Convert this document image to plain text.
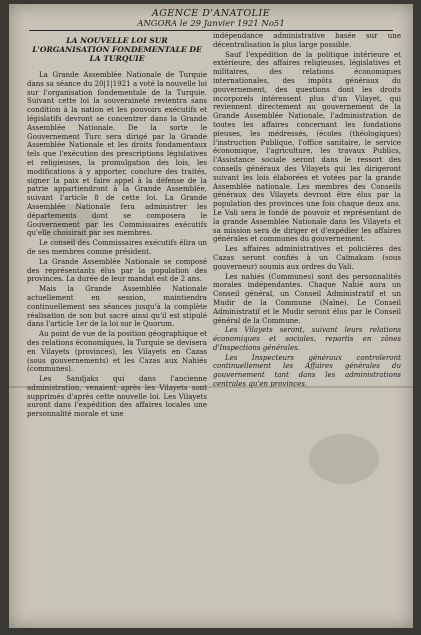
AGENCE D'ANATOLIE
ANGORA le 29 Janvier 1921 No51
LA NOUVELLE LOI SUR L'ORGANISATION FONDEMENTALE DE LA TURQUIE

La Grande Assemblée Nationale de Turquie dans sa séance du 20|1|1921 a voté la nouvelle loi sur l'organisation fondementale de la Turquie. Suivant cette loi la souveraineté revientra sans condition à la nation et les pouvoirs exécutifs et législatifs devront se concentrer dans la Grande Assemblée Nationale. De la sorte le Gouvernement Turc sera dirigé par la Grande Assemblée Nationale et les droits fondamentaux tels que l'exécution des prescriptions législatives et religieuses, la promulgation des lois, les modifications à y apporter, conclure des traités, signer la paix et faire appel à la défense de la patrie appartiendront à la Grande Assemblée, suivant l'article 8 de cette loi. La Grande Assemblée Nationale fera administrer les départements dont se composera le Gouvernement par les Commissaires exécutifs qu'elle choisirait par ses membres.

Le conseil des Commissaires exécutifs élira un de ses membres comme président.

La Grande Assemblée Nationale se composé des représentants élus par la population des provinces. La durée de leur mandat est de 2 ans.

Mais la Grande Assemblée Nationale actuellement en session, maintiendra continuellement ses séances jusqu'à la complète réalisation de son but sacré ainsi qu'il est stipulé dans l'article 1er de la loi sur le Quorum.

Au point de vue de la position géographique et des relations économiques, la Turquie se devisera en Vilayets (provinces), les Vilayets en Cazas (sous gouvernements) et les Cazas aux Nahiés (communes).

Les Sandjaks qui dans l'ancienne administration, venaient après les Vilayets sont supprimés d'après cette nouvelle loi. Les Vilayets auront dans l'expédition des affaires locales une personnalité morale et une

indépendance administrative basée sur une décentralisation la plus large possible.

Sauf l'expédition de la politique intérieure et extérieure, des affaires religieuses, législatives et militaires, des relations économiques internationales, des impôts généraux du gouvernement, des questions dont les droits incorporels intéressent plus d'un Vilayet, qui reviennent directement au gouvernement de la Grande Assemblée Nationale, l'administration de toutes les affaires concernant les fondations pieuses, les médressés, (écoles (théologiques) l'instruction Publique, l'office sanitaire, le service économique, l'agriculture, les travaux Publics, l'Assistance sociale seront dans le ressort des conseils généraux des Vilayets qui les dirigeront suivant les lois élaborées et votées par la grande Assemblée nationale. Les membres des Conseils généraux des Vilayets devront être élus par la population des provinces une fois chaque deux ans. Le Vali sera le fondé de pouvoir et représentant de la grande Assemblée Nationale dans les Vilayets et sa mission sera de diriger et d'expédier les affaires générales et communes du gouvernement.

Les affaires administratives et policières des Cazas seront confiés à un Caïmakam (sous gouverneur) soumis aux ordres du Vali.

Les nahiés (Communes) sont des personnalités morales indépendantes. Chaque Nahié aura un Conseil général, un Conseil Administratif et un Mudir de la Commune (Naïne). Le Conseil Administratif et le Mudir seront élus par le Conseil général de la Commune.

Les Vilayets seront, suivant leurs relations économiques et sociales, repartis en zônes d'Inspections générales.

Les Inspecteurs généraux controleront continuellement les Affaires générales du gouvernement tant dans les administrations centrales qu'en provinces.
